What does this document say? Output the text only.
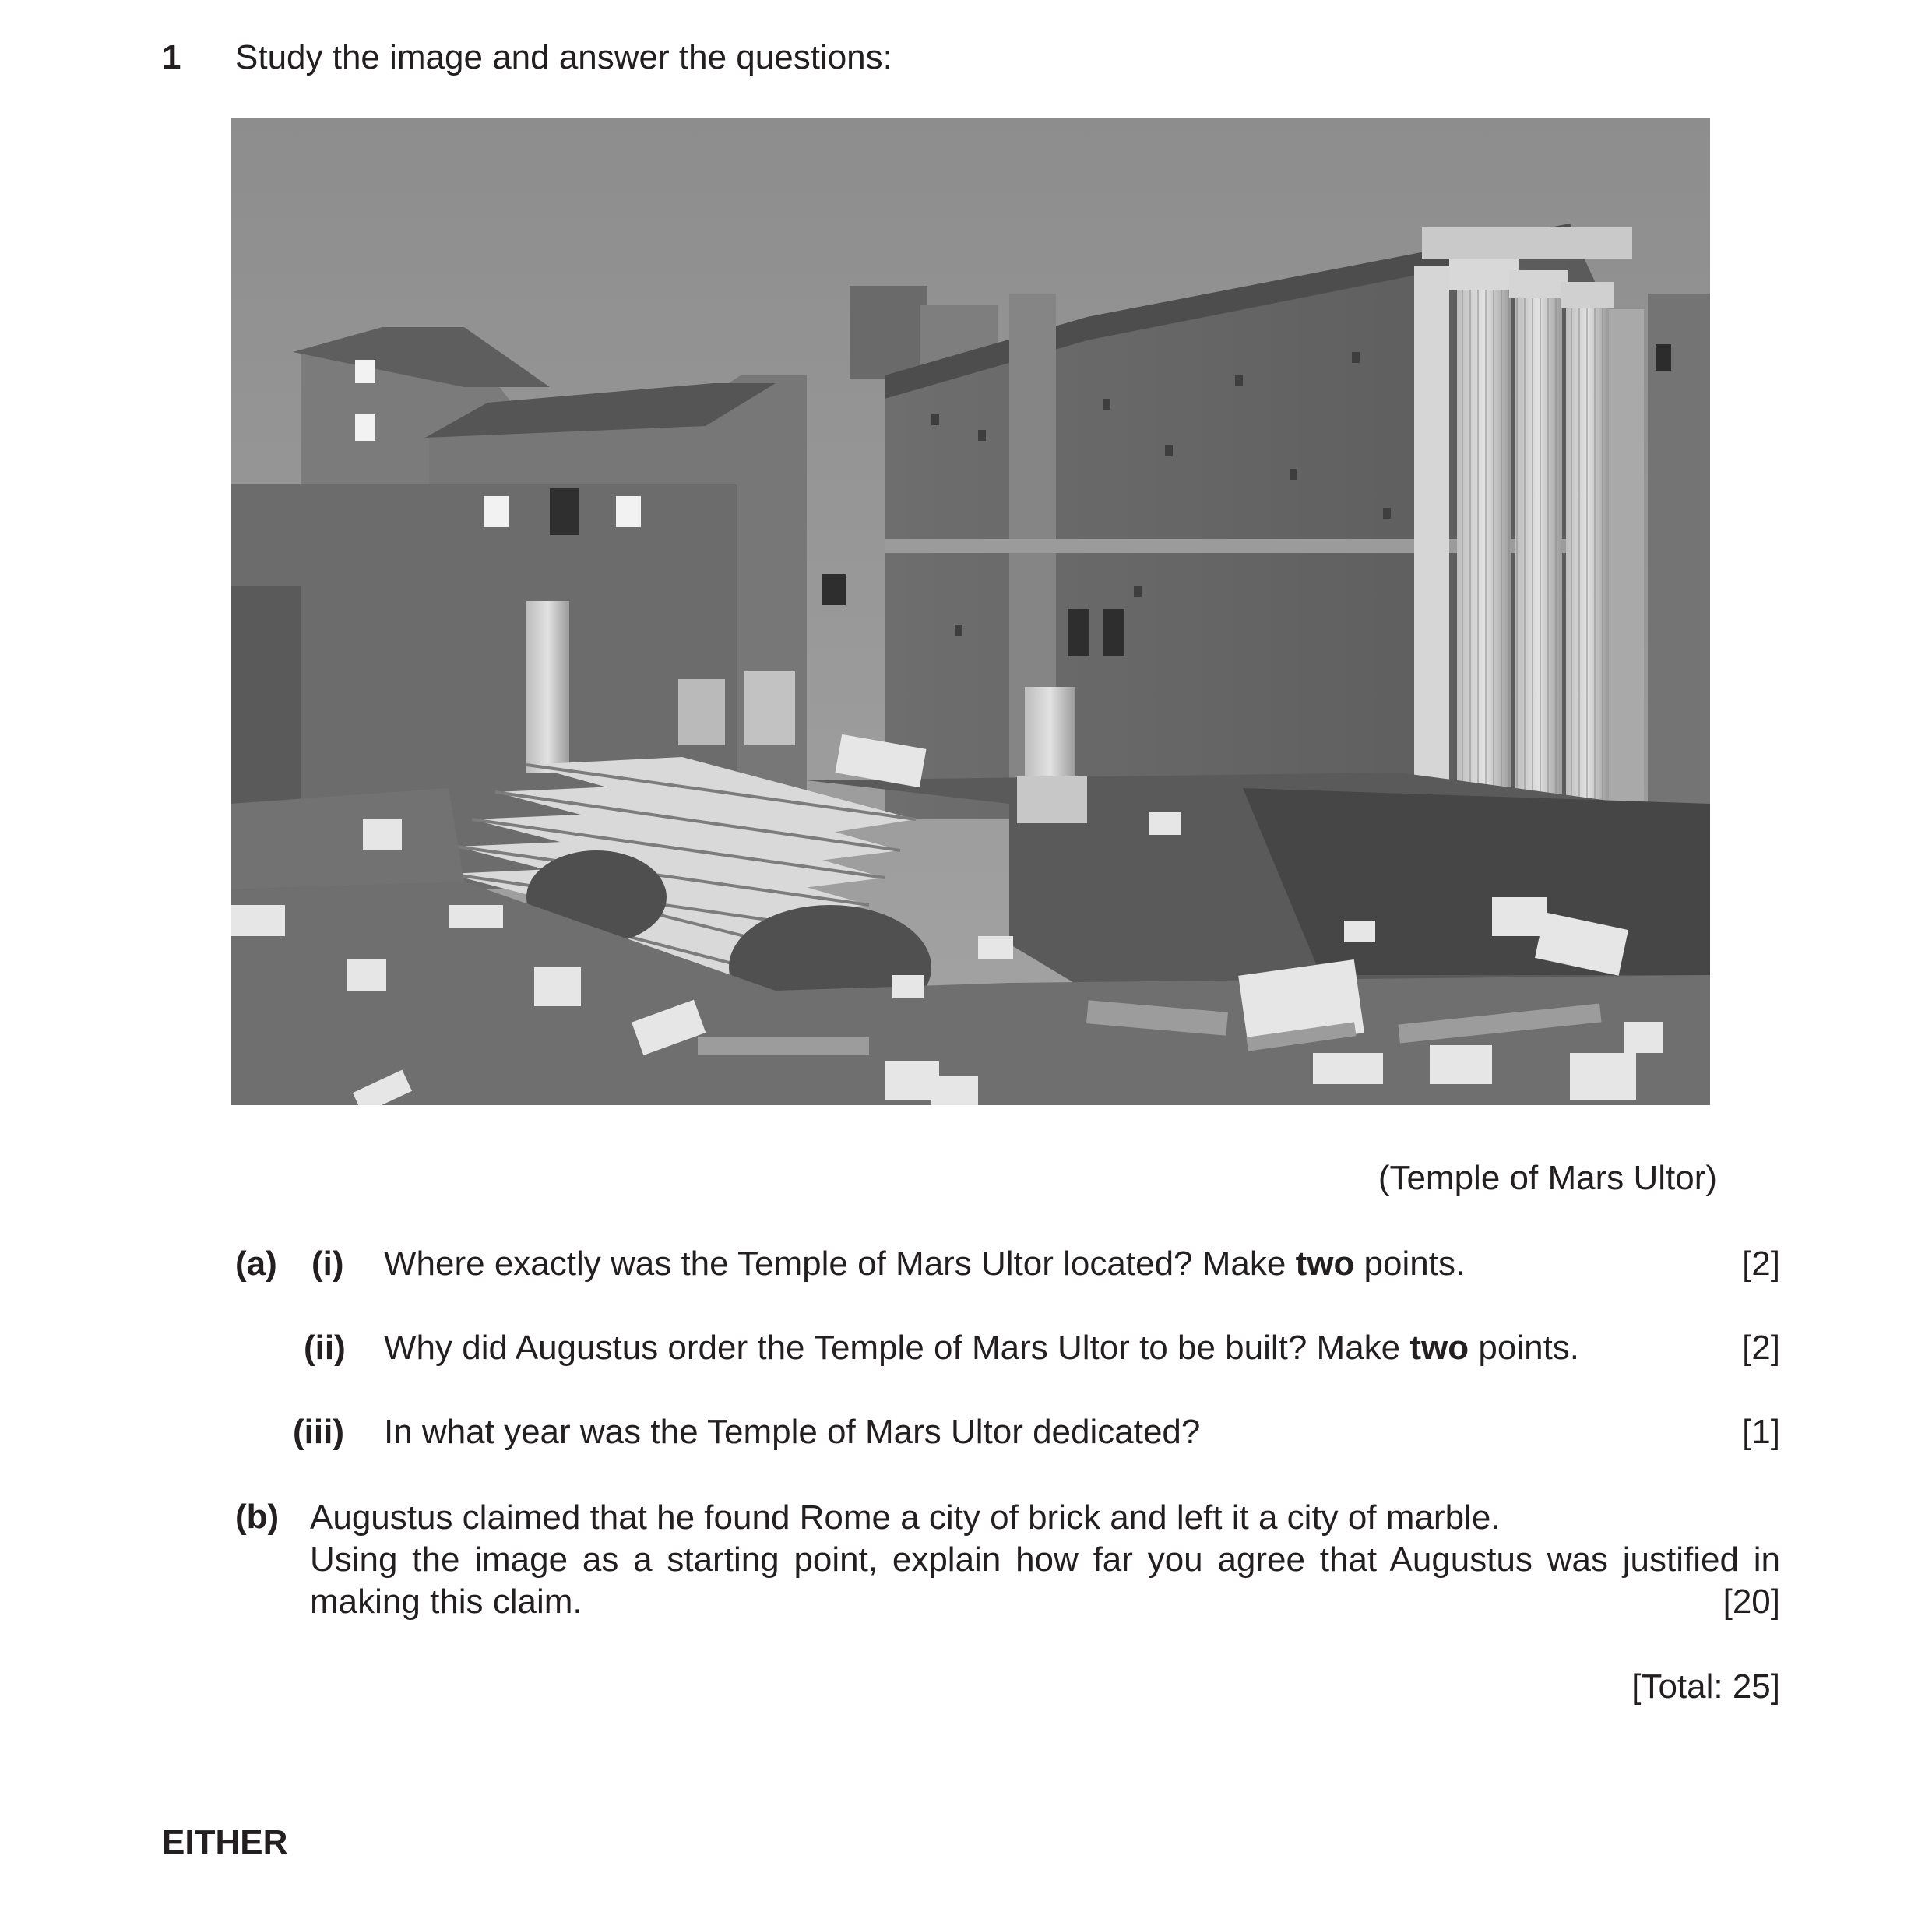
1 Study the image and answer the questions:
(Temple of Mars Ultor)
(a) (i) Where exactly was the Temple of Mars Ultor located? Make two points.	[2]
(ii) Why did Augustus order the Temple of Mars Ultor to be built? Make two points.	[2]
(iii) In what year was the Temple of Mars Ultor dedicated?	[1]
(b) Augustus claimed that he found Rome a city of brick and left it a city of marble.

Using the image as a starting point, explain how far you agree that Augustus was justified in

making this claim.	[20]

[Total: 25]
EITHER
